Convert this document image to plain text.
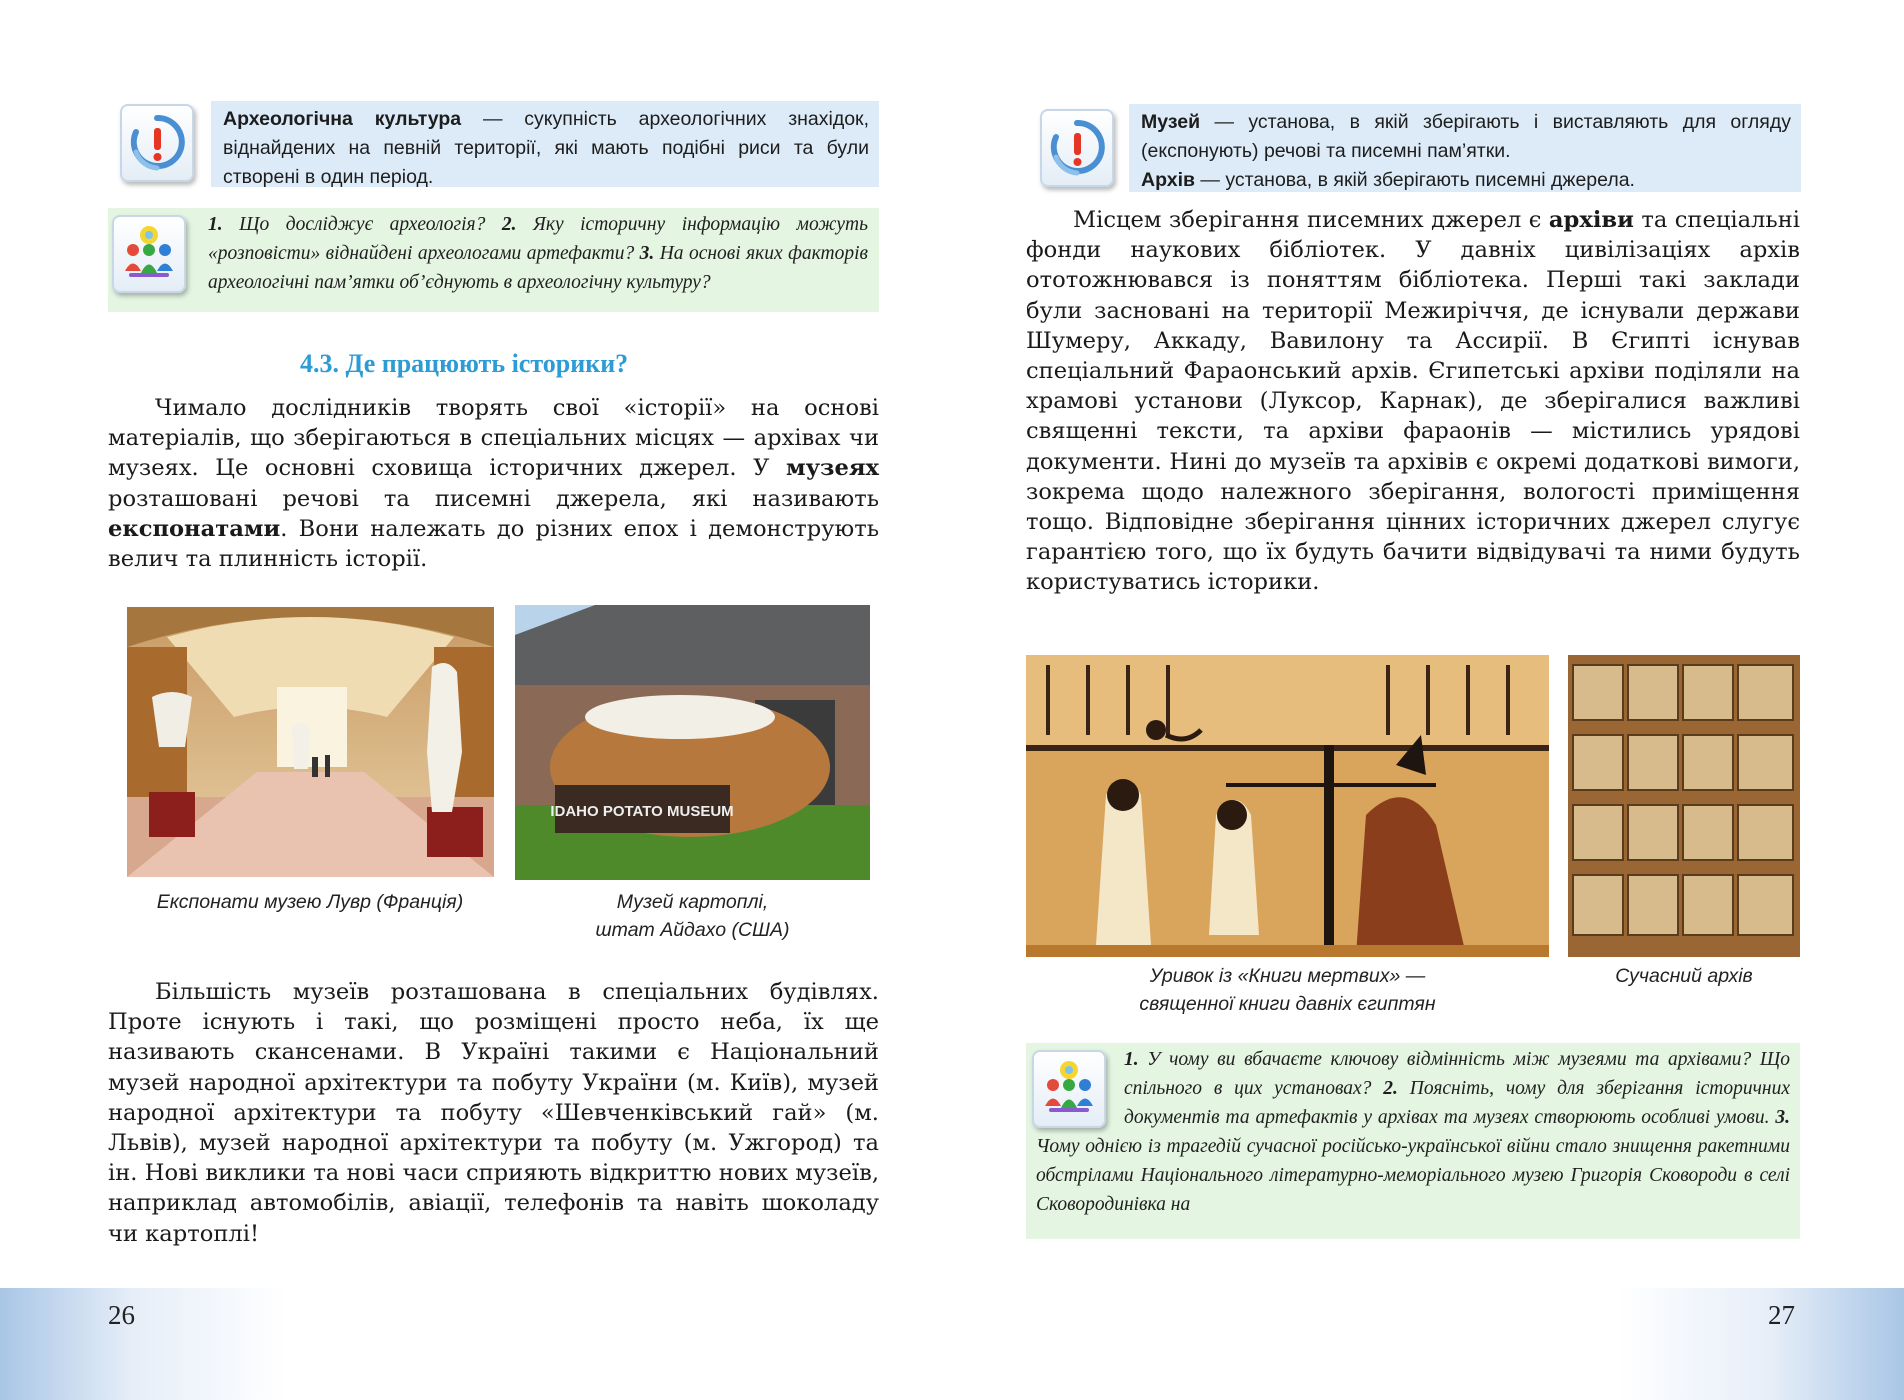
Археологічна культура — сукупність археологічних знахідок, віднайдених на певній території, які мають подібні риси та були створені в один період.
1. Що досліджує археологія? 2. Яку історичну інформацію можуть «розповісти» віднайдені археологами артефакти? 3. На основі яких факторів археологічні пам’ятки об’єднують в археологічну культуру?
4.3. Де працюють історики?

Чимало дослідників творять свої «історії» на основі матеріалів, що зберігаються в спеціальних місцях — архівах чи музеях. Це основні сховища історичних джерел. У музеях розташовані речові та писемні джерела, які називають експонатами. Вони належать до різних епох і демонструють велич та плинність історії.

Експонати музею Лувр (Франція)
IDAHO POTATO MUSEUM
Музей картоплі,
штат Айдахо (США)

Більшість музеїв розташована в спеціальних будівлях. Проте існують і такі, що розміщені просто неба, їх ще називають скансенами. В Україні такими є Національний музей народної архітектури та побуту України (м. Київ), музей народної архітектури та побуту «Шевченківський гай» (м. Львів), музей народної архітектури та побуту (м. Ужгород) та ін. Нові виклики та нові часи сприяють відкриттю нових музеїв, наприклад автомобілів, авіації, телефонів та навіть шоколаду чи картоплі!

26
Музей — установа, в якій зберігають і виставляють для огляду (експонують) речові та писемні пам’ятки.
Архів — установа, в якій зберігають писемні джерела.

Місцем зберігання писемних джерел є архіви та спеціальні фонди наукових бібліотек. У давніх цивілізаціях архів ототожнювався із поняттям бібліотека. Перші такі заклади були засновані на території Межиріччя, де існували держави Шумеру, Аккаду, Вавилону та Ассирії. В Єгипті існував спеціальний Фараонський архів. Єгипетські архіви поділяли на храмові установи (Луксор, Карнак), де зберігалися важливі священні тексти, та архіви фараонів — містились урядові документи. Нині до музеїв та архівів є окремі додаткові вимоги, зокрема щодо належного зберігання, вологості приміщення тощо. Відповідне зберігання цінних історичних джерел слугує гарантією того, що їх будуть бачити відвідувачі та ними будуть користуватись історики.

Уривок із «Книги мертвих» —
священної книги давніх єгиптян
Сучасний архів
1. У чому ви вбачаєте ключову відмінність між музеями та архівами? Що спільного в цих установах? 2. Поясніть, чому для зберігання історичних документів та артефактів у архівах та музеях створюють особливі умови. 3. Чому однією із трагедій сучасної російсько-української війни стало знищення ракетними обстрілами Національного літературно-меморіального музею Григорія Сковороди в селі Сковородинівка на
27
